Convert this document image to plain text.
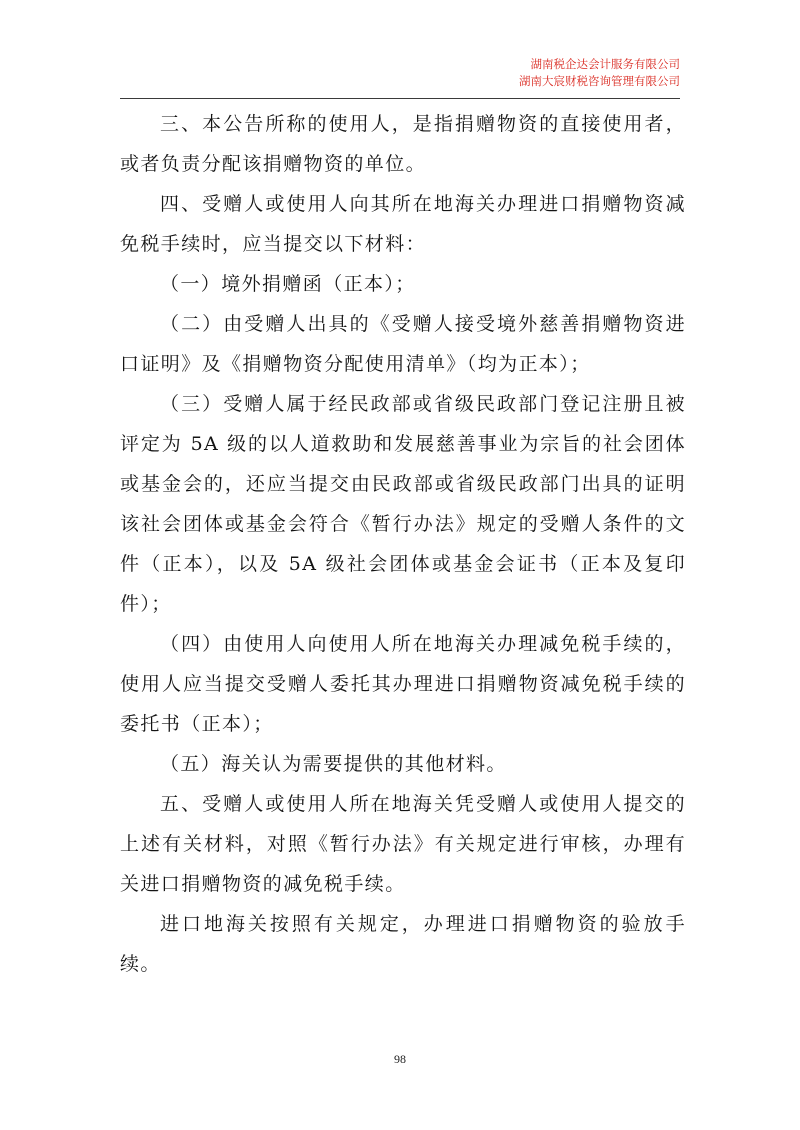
湖南税企达会计服务有限公司
湖南大宸财税咨询管理有限公司

三、本公告所称的使用人，是指捐赠物资的直接使用者，或者负责分配该捐赠物资的单位。

四、受赠人或使用人向其所在地海关办理进口捐赠物资减免税手续时，应当提交以下材料：

（一）境外捐赠函（正本）；

（二）由受赠人出具的《受赠人接受境外慈善捐赠物资进口证明》及《捐赠物资分配使用清单》（均为正本）；

（三）受赠人属于经民政部或省级民政部门登记注册且被评定为 5A 级的以人道救助和发展慈善事业为宗旨的社会团体或基金会的，还应当提交由民政部或省级民政部门出具的证明该社会团体或基金会符合《暂行办法》规定的受赠人条件的文件（正本），以及 5A 级社会团体或基金会证书（正本及复印件）；

（四）由使用人向使用人所在地海关办理减免税手续的，使用人应当提交受赠人委托其办理进口捐赠物资减免税手续的委托书（正本）；

（五）海关认为需要提供的其他材料。

五、受赠人或使用人所在地海关凭受赠人或使用人提交的上述有关材料，对照《暂行办法》有关规定进行审核，办理有关进口捐赠物资的减免税手续。

进口地海关按照有关规定，办理进口捐赠物资的验放手续。

98
